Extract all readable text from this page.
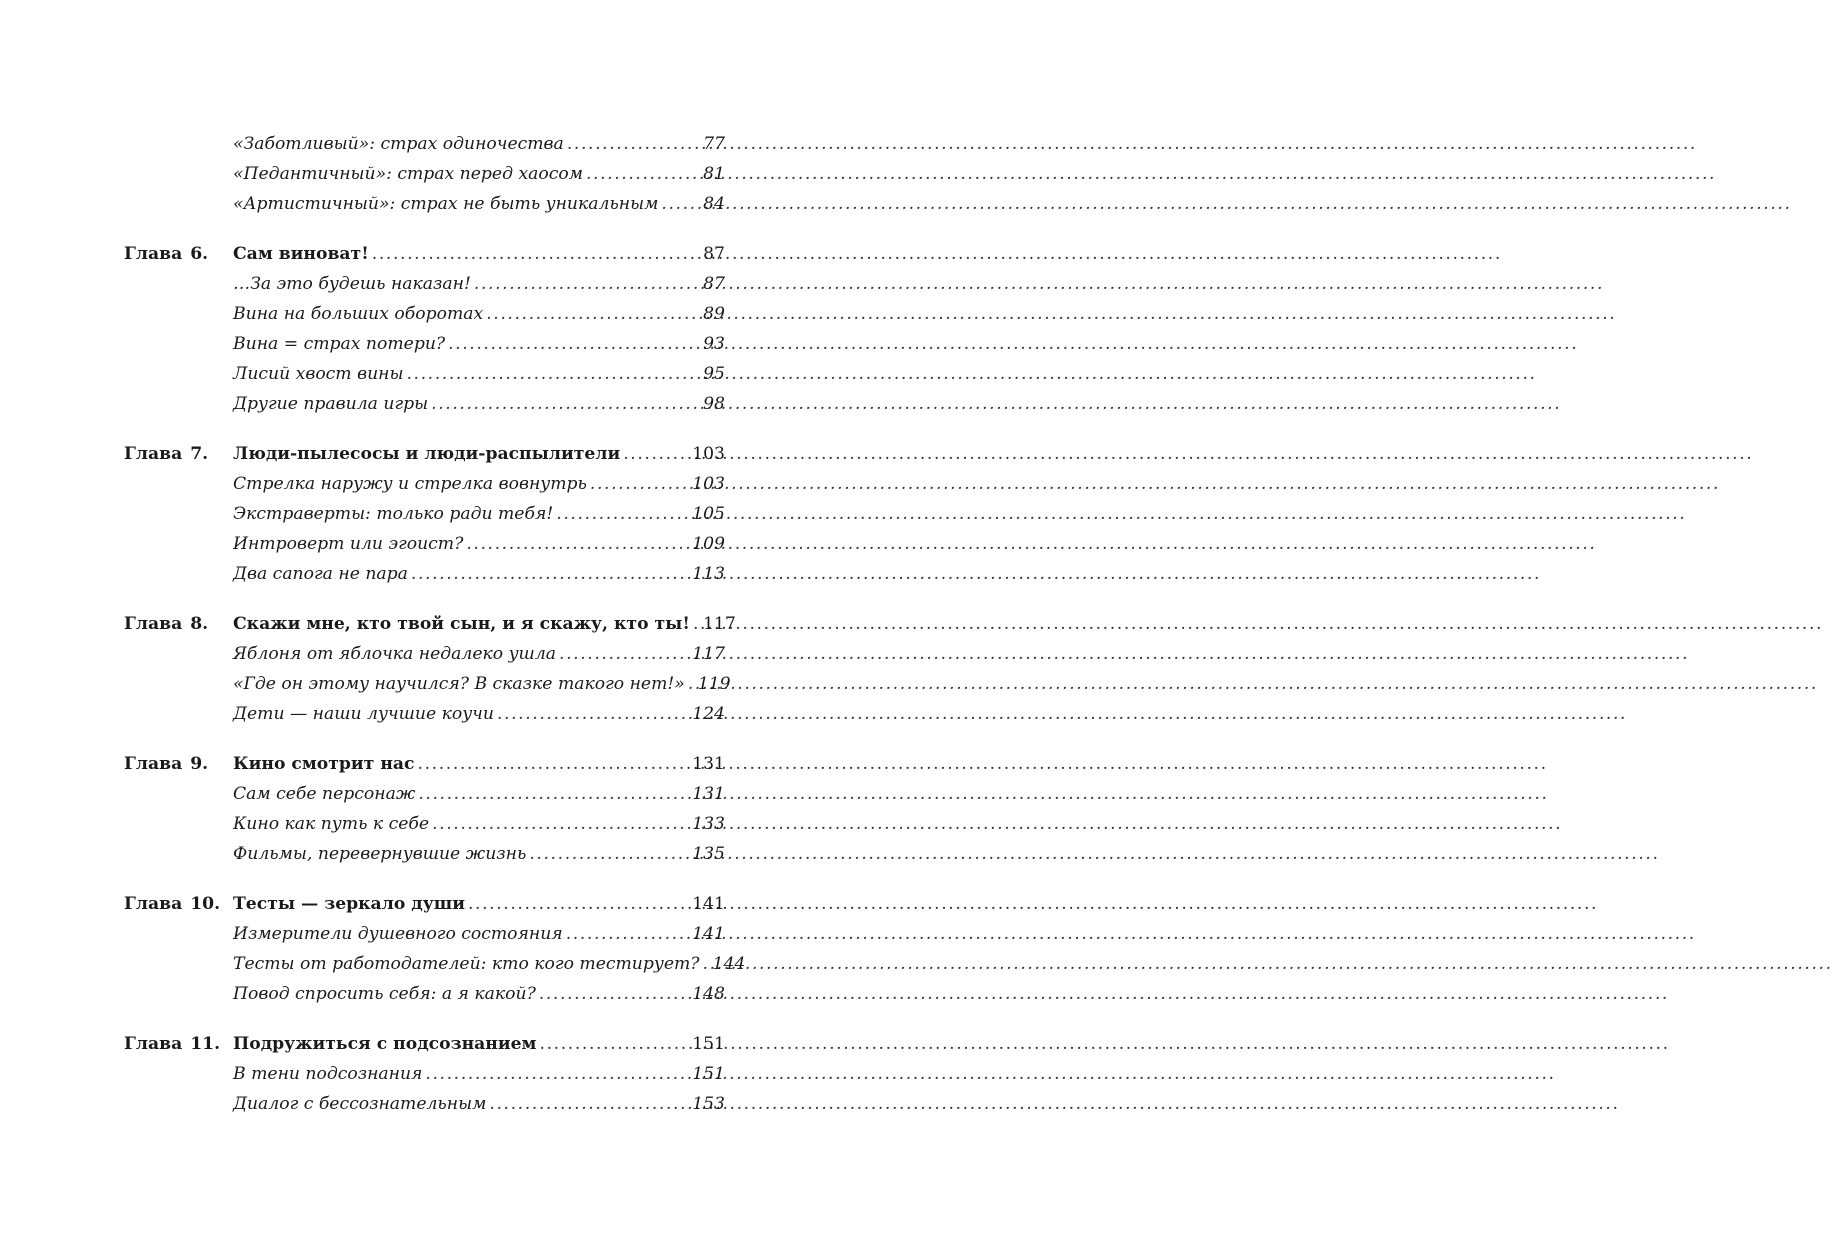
«Заботливый»: страх одиночества .....	77
«Педантичный»: страх перед хаосом .....	81
«Артистичный»: страх не быть уникальным .....	84
Глава 6. Сам виноват! .....	87
…За это будешь наказан! .....	87
Вина на больших оборотах .....	89
Вина = страх потери? .....	93
Лисий хвост вины .....	95
Другие правила игры .....	98
Глава 7. Люди-пылесосы и люди-распылители .....	103
Стрелка наружу и стрелка вовнутрь .....	103
Экстраверты: только ради тебя! .....	105
Интроверт или эгоист? .....	109
Два сапога не пара .....	113
Глава 8. Скажи мне, кто твой сын, и я скажу, кто ты! ..... 117
Яблоня от яблочка недалеко ушла .....	117
«Где он этому научился? В сказке такого нет!» ..... 119
Дети — наши лучшие коучи .....	124
Глава 9. Кино смотрит нас .....	131
Сам себе персонаж .....	131
Кино как путь к себе .....	133
Фильмы, перевернувшие жизнь .....	135
Глава 10. Тесты — зеркало души .....	141
Измерители душевного состояния .....	141
Тесты от работодателей: кто кого тестирует? ..... 144
Повод спросить себя: а я какой? .....	148
Глава 11. Подружиться с подсознанием .....	151
В тени подсознания .....	151
Диалог с бессознательным .....	153
